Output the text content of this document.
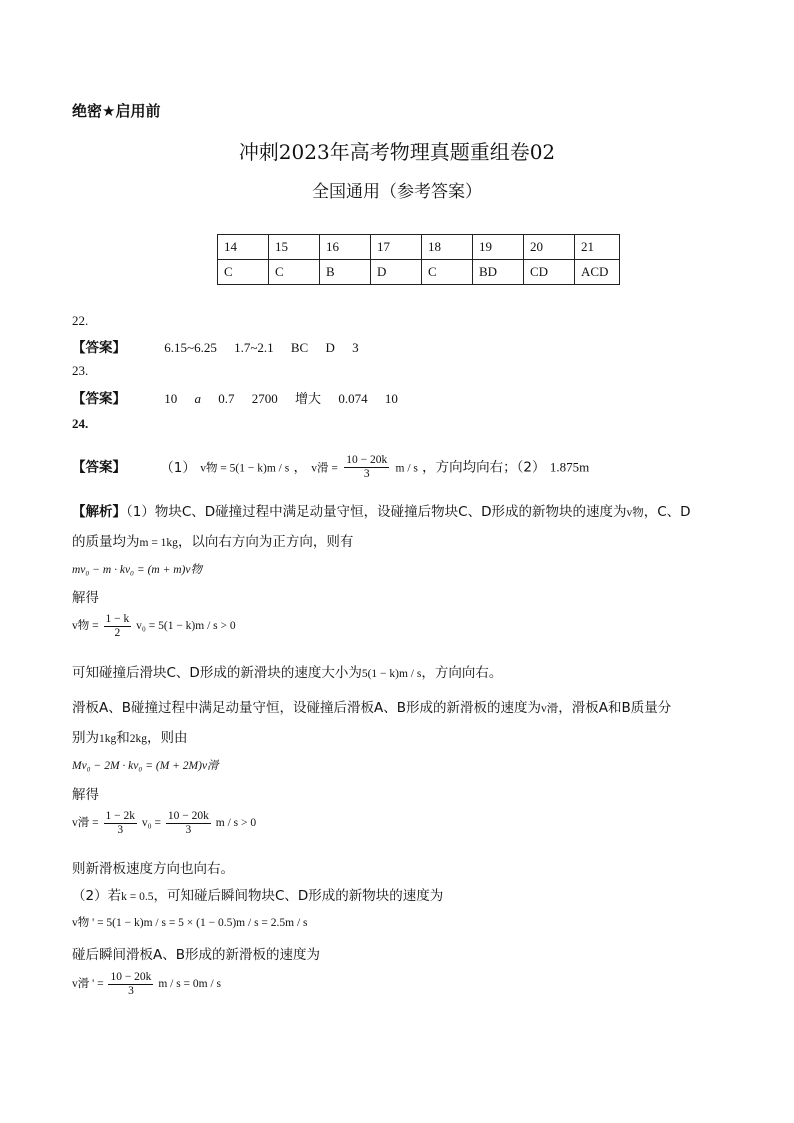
绝密★启用前
冲刺2023年高考物理真题重组卷02
全国通用（参考答案）
14	15	16	17	18	19	20	21
C	C	B	D	C	BD	CD	ACD
22.
【答案】	6.15~6.25 1.7~2.1 BC D 3
23.
【答案】	10 a 0.7 2700 增大 0.074 10
24.
【答案】	（1） v物 = 5(1 − k)m / s ， v滑 = $\frac{10 - 20k}{3}$ m / s ，方向均向右；（2） 1.875m
【解析】（1）物块C、D碰撞过程中满足动量守恒，设碰撞后物块C、D形成的新物块的速度为v物，C、D
的质量均为m = 1kg，以向右方向为正方向，则有
mv₀ − m · kv₀ = (m + m)v物
解得
v物 = $\frac{1 - k}{2} v_0 = 5(1 - k)m / s > 0$
可知碰撞后滑块C、D形成的新滑块的速度大小为5(1 − k)m / s，方向向右。
滑板A、B碰撞过程中满足动量守恒，设碰撞后滑板A、B形成的新滑板的速度为v滑，滑板A和B质量分
别为1kg和2kg，则由
Mv₀ − 2M · kv₀ = (M + 2M)v滑
解得
v滑 = $\frac{1 - 2k}{3} v_0 = \frac{10 - 20k}{3}$ m / s > 0
则新滑板速度方向也向右。
（2）若k = 0.5，可知碰后瞬间物块C、D形成的新物块的速度为
v物 ' = 5(1 − k)m / s = 5 × (1 − 0.5)m / s = 2.5m / s
碰后瞬间滑板A、B形成的新滑板的速度为
v滑 ' = $\frac{10 - 20k}{3}$ m / s = 0m / s
